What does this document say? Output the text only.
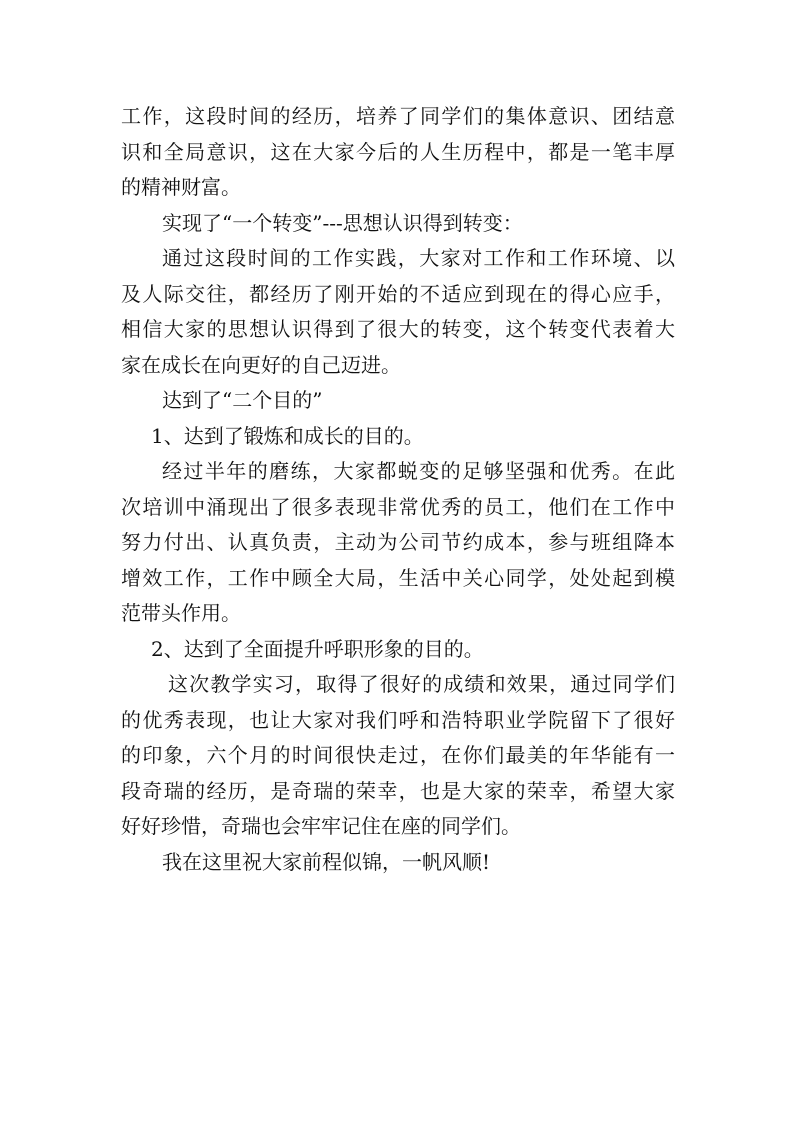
工作，这段时间的经历，培养了同学们的集体意识、团结意
识和全局意识，这在大家今后的人生历程中，都是一笔丰厚
的精神财富。
实现了“一个转变”---思想认识得到转变：
通过这段时间的工作实践，大家对工作和工作环境、以
及人际交往，都经历了刚开始的不适应到现在的得心应手，
相信大家的思想认识得到了很大的转变，这个转变代表着大
家在成长在向更好的自己迈进。
达到了“二个目的”
1、达到了锻炼和成长的目的。
经过半年的磨练，大家都蜕变的足够坚强和优秀。在此
次培训中涌现出了很多表现非常优秀的员工，他们在工作中
努力付出、认真负责，主动为公司节约成本，参与班组降本
增效工作，工作中顾全大局，生活中关心同学，处处起到模
范带头作用。
2、达到了全面提升呼职形象的目的。
这次教学实习，取得了很好的成绩和效果，通过同学们
的优秀表现，也让大家对我们呼和浩特职业学院留下了很好
的印象，六个月的时间很快走过，在你们最美的年华能有一
段奇瑞的经历，是奇瑞的荣幸，也是大家的荣幸，希望大家
好好珍惜，奇瑞也会牢牢记住在座的同学们。
我在这里祝大家前程似锦，一帆风顺!
